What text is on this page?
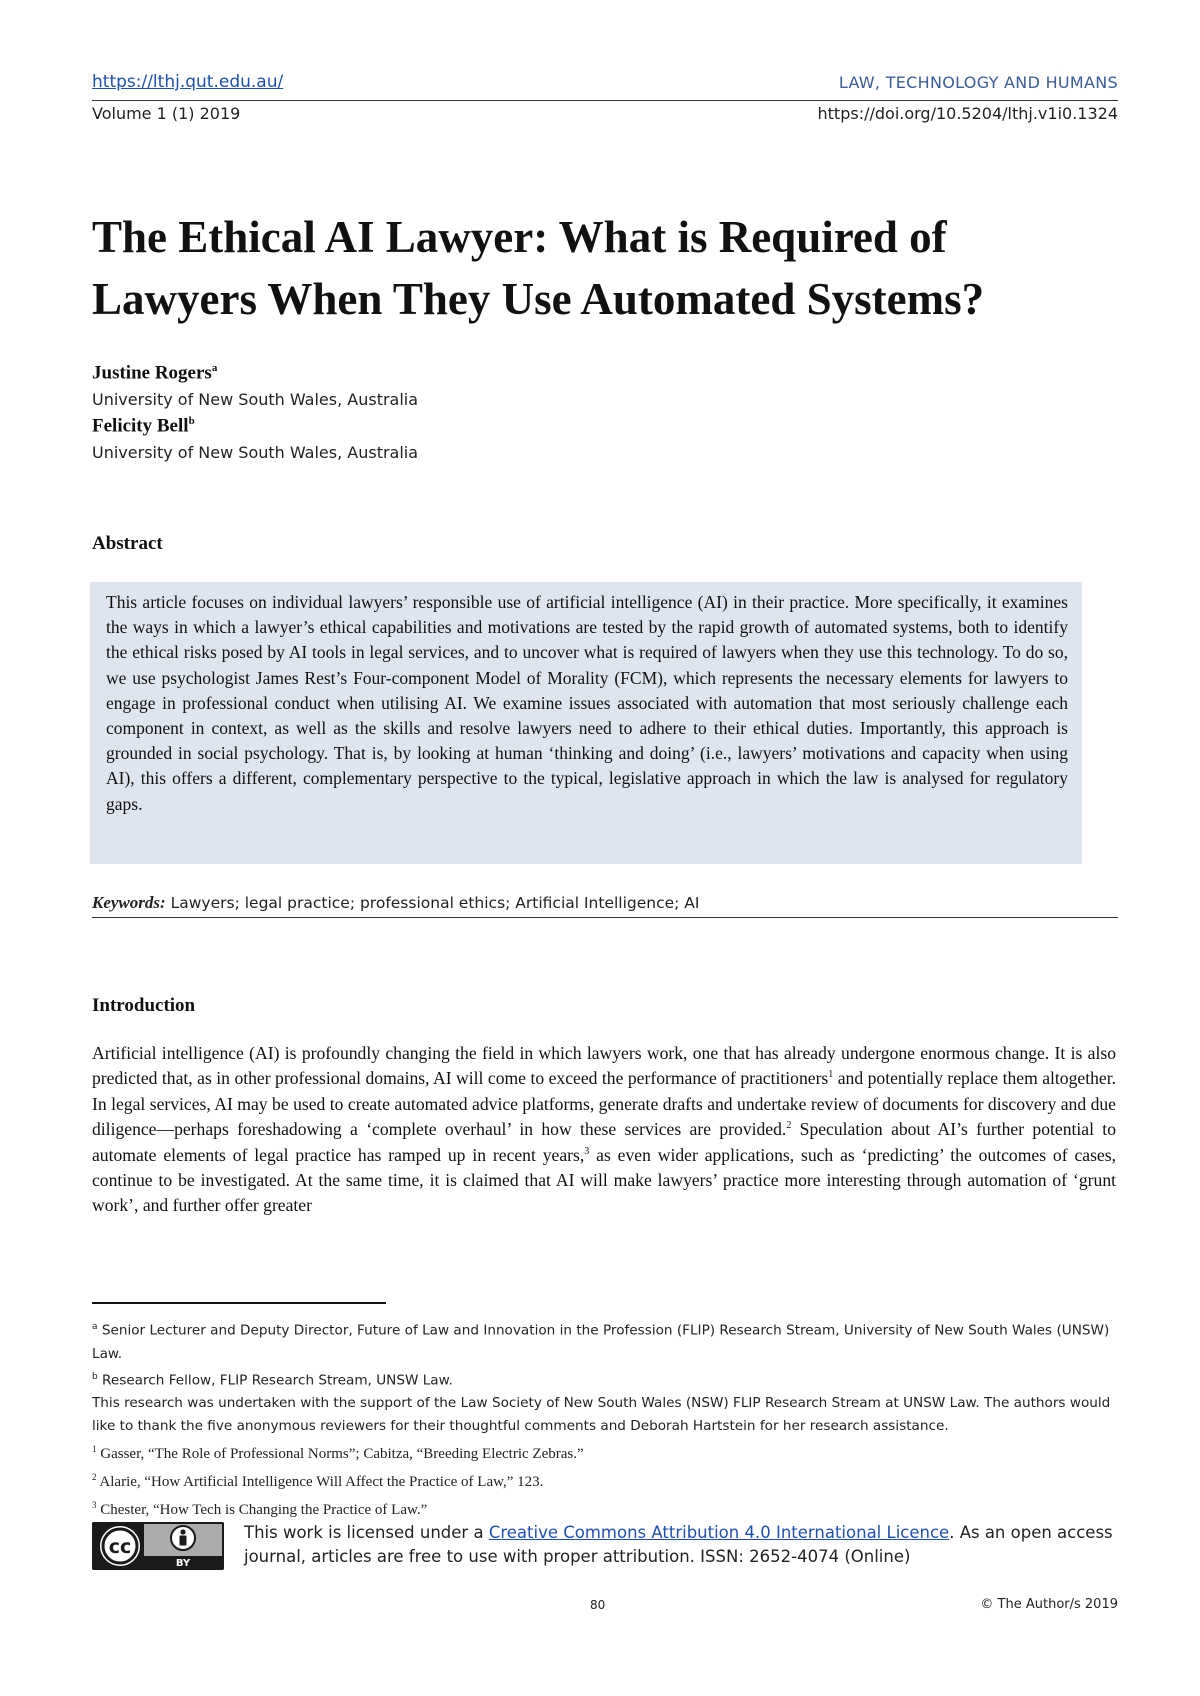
https://lthj.qut.edu.au/	LAW, TECHNOLOGY AND HUMANS
Volume 1 (1) 2019	https://doi.org/10.5204/lthj.v1i0.1324
The Ethical AI Lawyer: What is Required of
Lawyers When They Use Automated Systems?
Justine Rogers$^a$
University of New South Wales, Australia
Felicity Bell$^b$
University of New South Wales, Australia
Abstract
This article focuses on individual lawyers’ responsible use of artificial intelligence (AI) in their practice. More specifically, it examines the ways in which a lawyer’s ethical capabilities and motivations are tested by the rapid growth of automated systems, both to identify the ethical risks posed by AI tools in legal services, and to uncover what is required of lawyers when they use this technology. To do so, we use psychologist James Rest’s Four-component Model of Morality (FCM), which represents the necessary elements for lawyers to engage in professional conduct when utilising AI. We examine issues associated with automation that most seriously challenge each component in context, as well as the skills and resolve lawyers need to adhere to their ethical duties. Importantly, this approach is grounded in social psychology. That is, by looking at human ‘thinking and doing’ (i.e., lawyers’ motivations and capacity when using AI), this offers a different, complementary perspective to the typical, legislative approach in which the law is analysed for regulatory gaps.
Keywords: Lawyers; legal practice; professional ethics; Artificial Intelligence; AI
Introduction
Artificial intelligence (AI) is profoundly changing the field in which lawyers work, one that has already undergone enormous change. It is also predicted that, as in other professional domains, AI will come to exceed the performance of practitioners$^1$ and potentially replace them altogether. In legal services, AI may be used to create automated advice platforms, generate drafts and undertake review of documents for discovery and due diligence—perhaps foreshadowing a ‘complete overhaul’ in how these services are provided.$^2$ Speculation about AI’s further potential to automate elements of legal practice has ramped up in recent years,$^3$ as even wider applications, such as ‘predicting’ the outcomes of cases, continue to be investigated. At the same time, it is claimed that AI will make lawyers’ practice more interesting through automation of ‘grunt work’, and further offer greater

$^a$ Senior Lecturer and Deputy Director, Future of Law and Innovation in the Profession (FLIP) Research Stream, University of New South Wales (UNSW) Law.

$^b$ Research Fellow, FLIP Research Stream, UNSW Law.

This research was undertaken with the support of the Law Society of New South Wales (NSW) FLIP Research Stream at UNSW Law. The authors would like to thank the five anonymous reviewers for their thoughtful comments and Deborah Hartstein for her research assistance.

$^1$ Gasser, “The Role of Professional Norms”; Cabitza, “Breeding Electric Zebras.”

$^2$ Alarie, “How Artificial Intelligence Will Affect the Practice of Law,” 123.

$^3$ Chester, “How Tech is Changing the Practice of Law.”

cc
BY
This work is licensed under a Creative Commons Attribution 4.0 International Licence. As an open access journal, articles are free to use with proper attribution. ISSN: 2652-4074 (Online)
80	© The Author/s 2019
